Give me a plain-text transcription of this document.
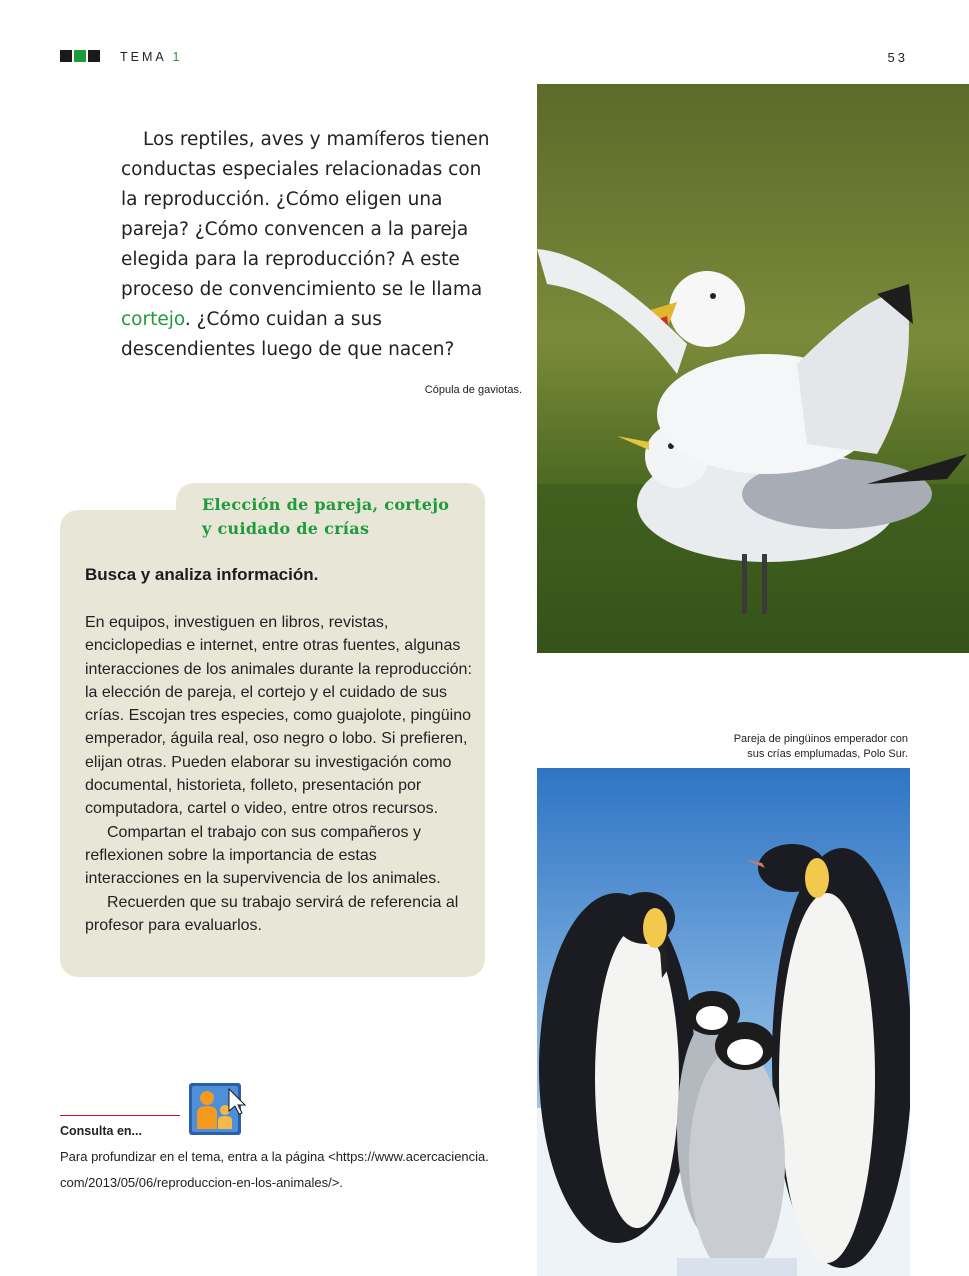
TEMA 1	53

Los reptiles, aves y mamíferos tienen conductas especiales relacionadas con la reproducción. ¿Cómo eligen una pareja? ¿Cómo convencen a la pareja elegida para la reproducción? A este proceso de convencimiento se le llama cortejo. ¿Cómo cuidan a sus descendientes luego de que nacen?

Cópula de gaviotas.
Pareja de pingüinos emperador con
sus crías emplumadas, Polo Sur.
Elección de pareja, cortejo
y cuidado de crías

Busca y analiza información.

En equipos, investiguen en libros, revistas, enciclopedias e internet, entre otras fuentes, algunas interacciones de los animales durante la reproducción: la elección de pareja, el cortejo y el cuidado de sus crías. Escojan tres especies, como guajolote, pingüino emperador, águila real, oso negro o lobo. Si prefieren, elijan otras. Pueden elaborar su investigación como documental, historieta, folleto, presentación por computadora, cartel o video, entre otros recursos.

Compartan el trabajo con sus compañeros y reflexionen sobre la importancia de estas interacciones en la supervivencia de los animales.

Recuerden que su trabajo servirá de referencia al profesor para evaluarlos.

Consulta en...

Para profundizar en el tema, entra a la página <https://www.acercaciencia.
com/2013/05/06/reproduccion-en-los-animales/>.
